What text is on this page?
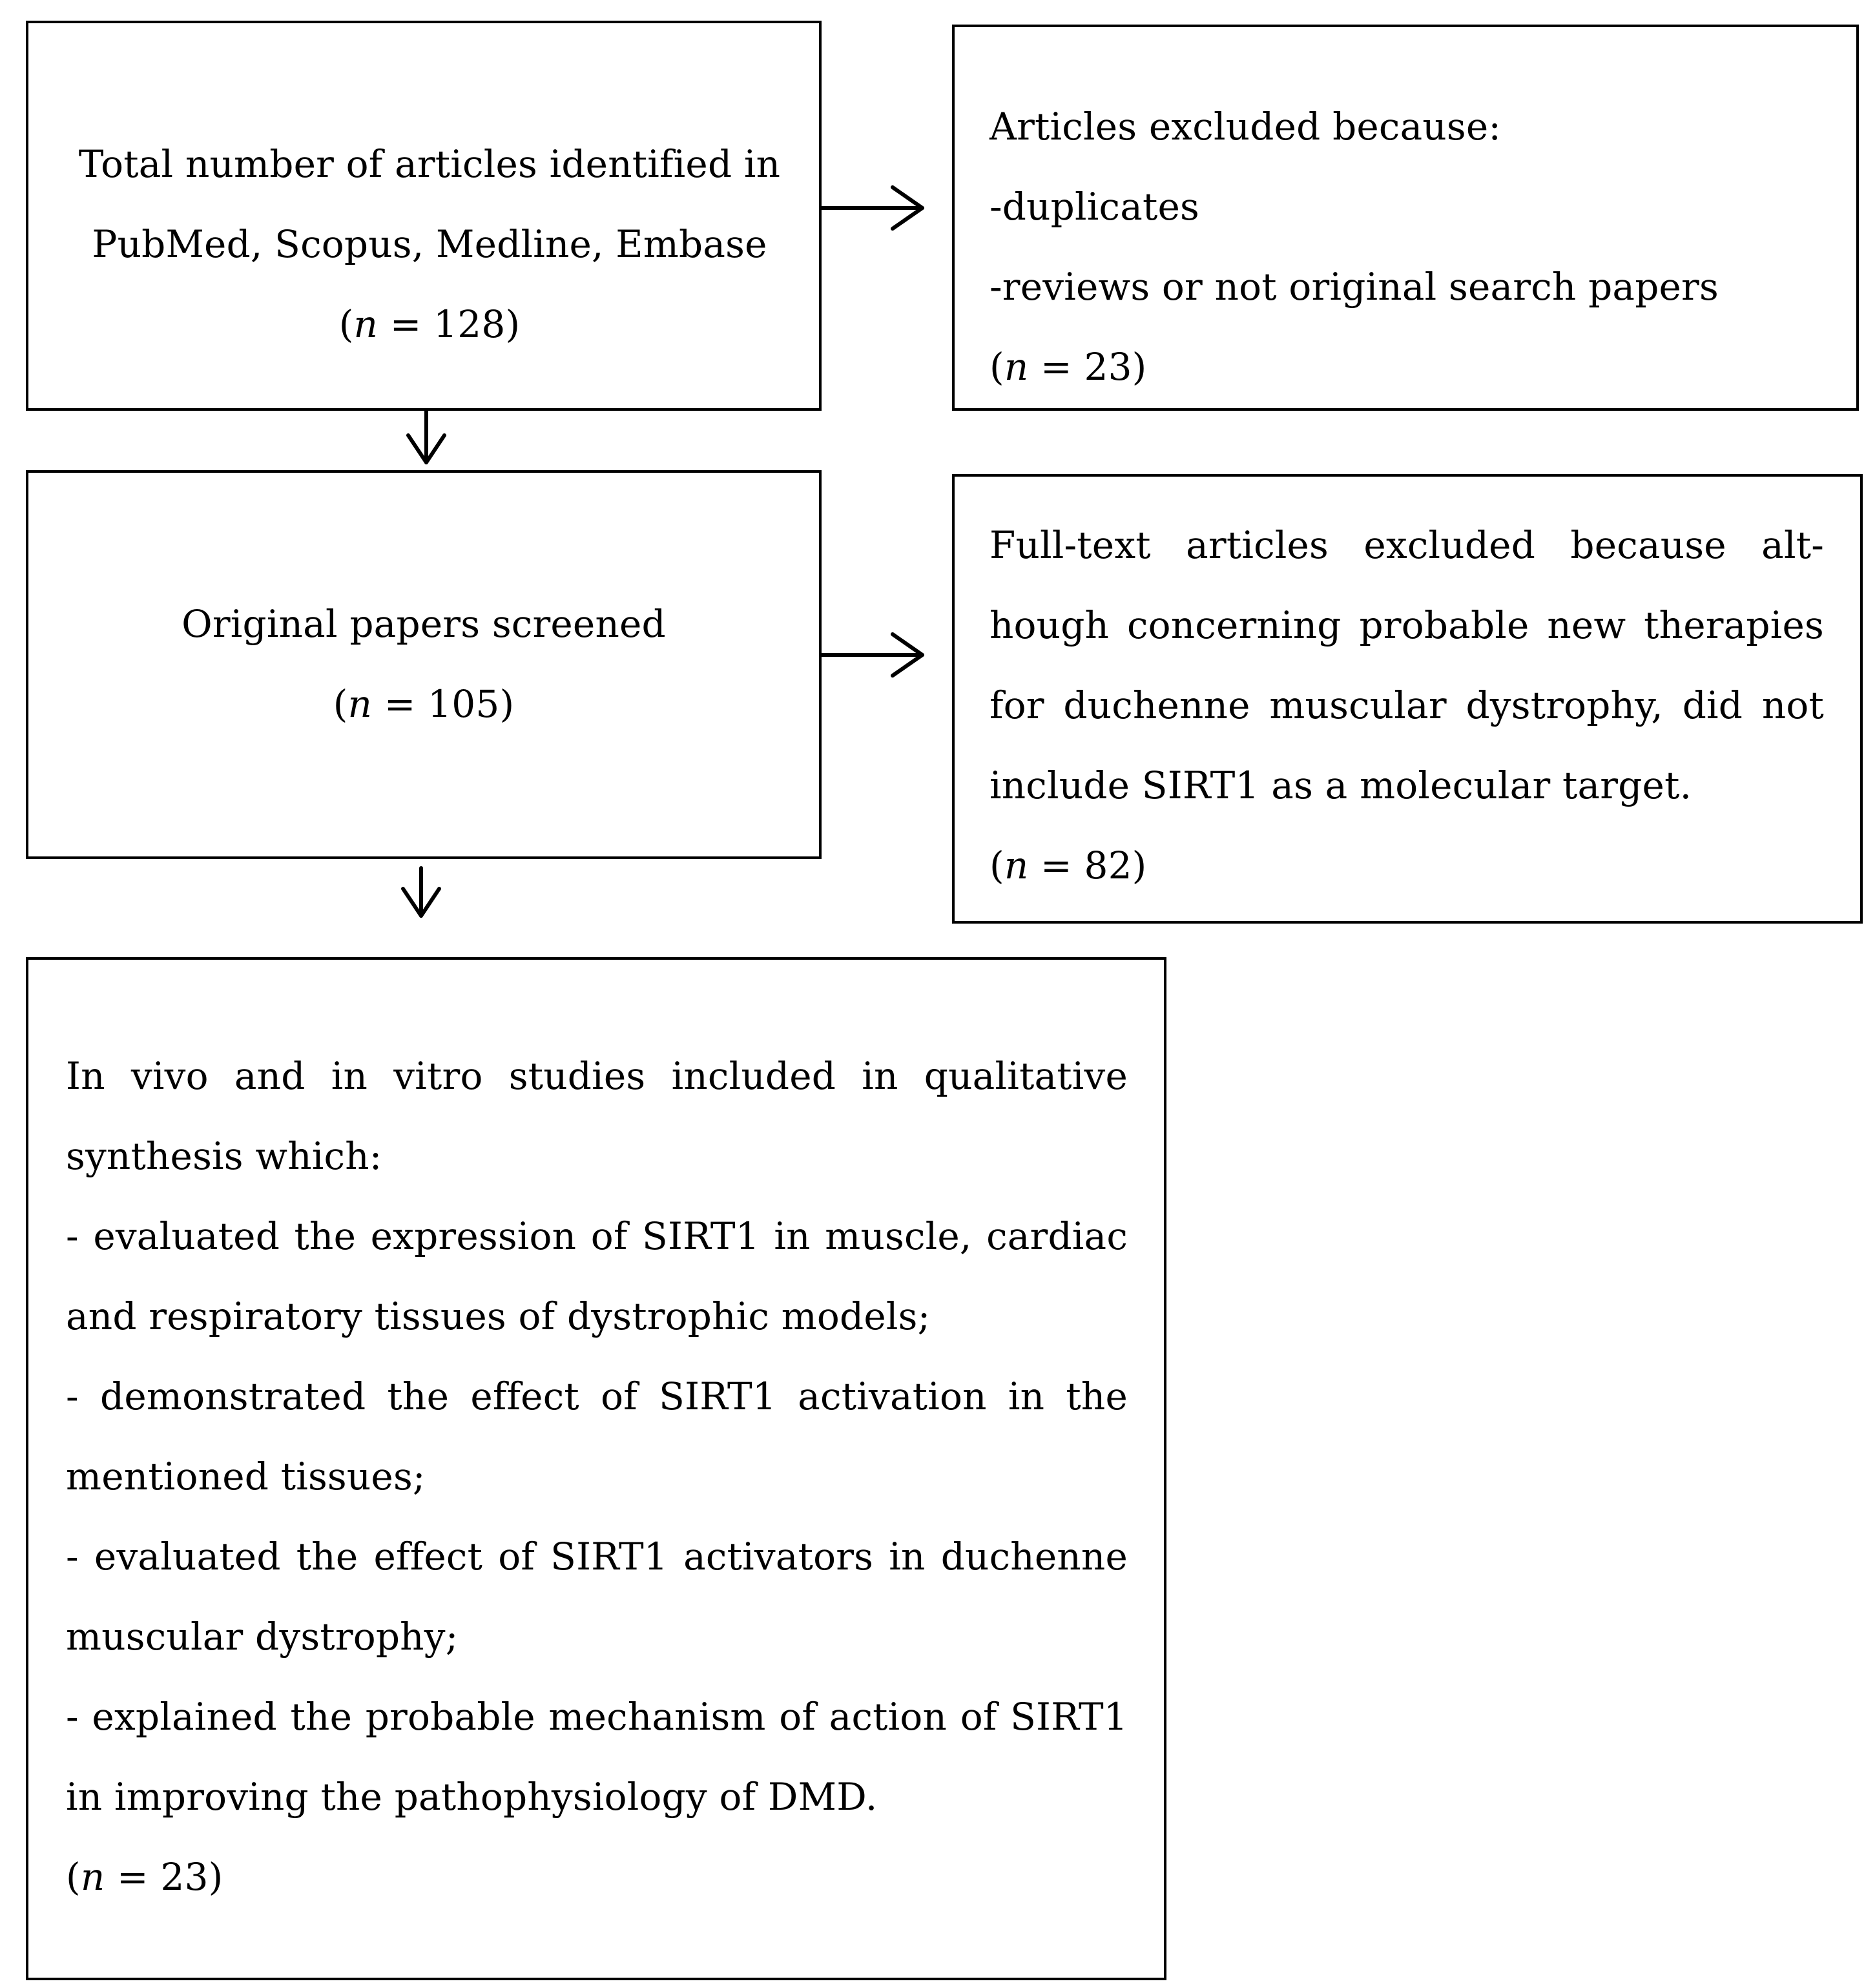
Total number of articles identified in

PubMed, Scopus, Medline, Embase

(n = 128)

Articles excluded because:

-duplicates

-reviews or not original search papers

(n = 23)

Original papers screened

(n = 105)

Full-text articles excluded because alt-hough concerning probable new therapies for duchenne muscular dystrophy, did not include SIRT1 as a molecular target.

(n = 82)

In vivo and in vitro studies included in qualitative synthesis which:

- evaluated the expression of SIRT1 in muscle, cardiac and respiratory tissues of dystrophic models;

- demonstrated the effect of SIRT1 activation in the mentioned tissues;

- evaluated the effect of SIRT1 activators in duchenne muscular dystrophy;

- explained the probable mechanism of action of SIRT1 in improving the pathophysiology of DMD.

(n = 23)
